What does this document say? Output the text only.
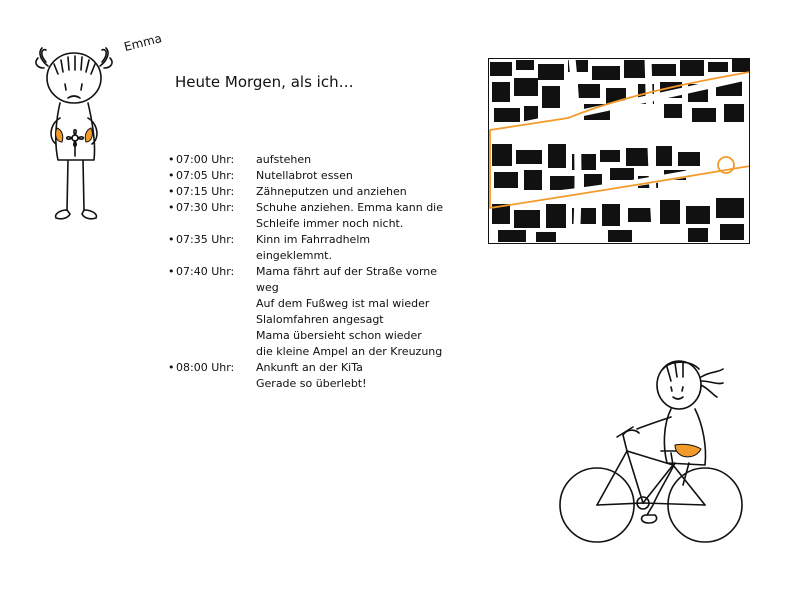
Emma
Heute Morgen, als ich…
• 07:00 Uhr: aufstehen
• 07:05 Uhr: Nutellabrot essen
• 07:15 Uhr: Zähneputzen und anziehen
• 07:30 Uhr: Schuhe anziehen. Emma kann die
Schleife immer noch nicht.
• 07:35 Uhr: Kinn im Fahrradhelm
eingeklemmt.
• 07:40 Uhr: Mama fährt auf der Straße vorne
weg
Auf dem Fußweg ist mal wieder
Slalomfahren angesagt
Mama übersieht schon wieder
die kleine Ampel an der Kreuzung
• 08:00 Uhr: Ankunft an der KiTa
Gerade so überlebt!
